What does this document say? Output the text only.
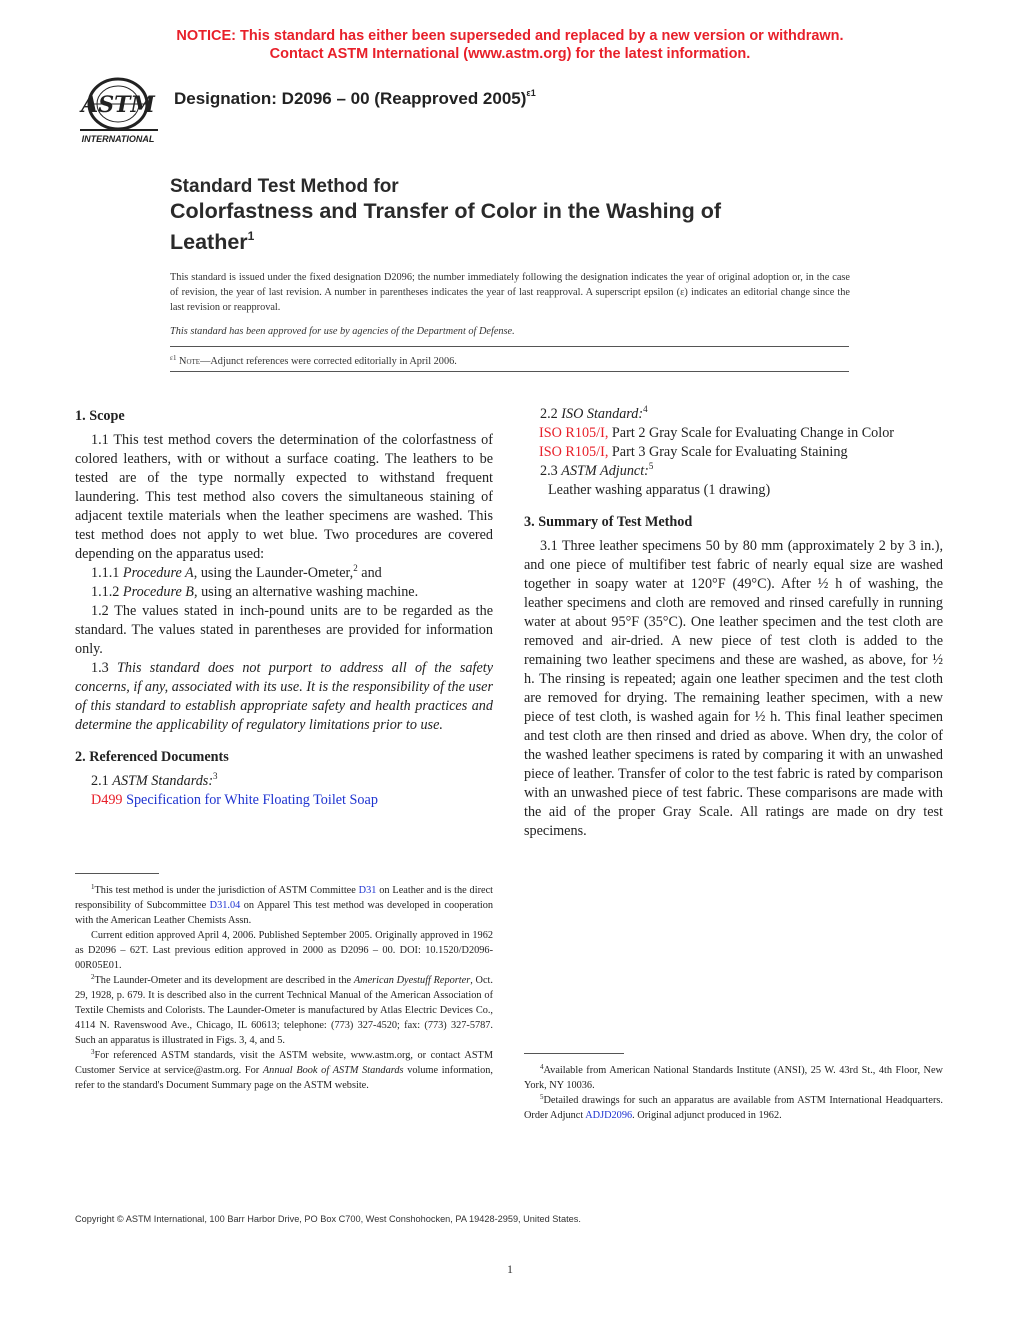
NOTICE: This standard has either been superseded and replaced by a new version or withdrawn.
Contact ASTM International (www.astm.org) for the latest information.
ASTM
INTERNATIONAL
Designation: D2096 – 00 (Reapproved 2005)$^{\varepsilon 1}$
Standard Test Method for
Colorfastness and Transfer of Color in the Washing of
Leather$^1$
This standard is issued under the fixed designation D2096; the number immediately following the designation indicates the year of original adoption or, in the case of revision, the year of last revision. A number in parentheses indicates the year of last reapproval. A superscript epsilon (ε) indicates an editorial change since the last revision or reapproval.
This standard has been approved for use by agencies of the Department of Defense.
$^{\varepsilon 1}$ Note—Adjunct references were corrected editorially in April 2006.
1. Scope

1.1 This test method covers the determination of the colorfastness of colored leathers, with or without a surface coating. The leathers to be tested are of the type normally expected to withstand frequent laundering. This test method also covers the simultaneous staining of adjacent textile materials when the leather specimens are washed. This test method does not apply to wet blue. Two procedures are covered depending on the apparatus used:

1.1.1 Procedure A, using the Launder-Ometer,$^2$ and

1.1.2 Procedure B, using an alternative washing machine.

1.2 The values stated in inch-pound units are to be regarded as the standard. The values stated in parentheses are provided for information only.

1.3 This standard does not purport to address all of the safety concerns, if any, associated with its use. It is the responsibility of the user of this standard to establish appropriate safety and health practices and determine the applicability of regulatory limitations prior to use.

2. Referenced Documents

2.1 ASTM Standards:$^3$

D499 Specification for White Floating Toilet Soap

2.2 ISO Standard:$^4$

ISO R105/I, Part 2 Gray Scale for Evaluating Change in Color

ISO R105/I, Part 3 Gray Scale for Evaluating Staining

2.3 ASTM Adjunct:$^5$

Leather washing apparatus (1 drawing)

3. Summary of Test Method

3.1 Three leather specimens 50 by 80 mm (approximately 2 by 3 in.), and one piece of multifiber test fabric of nearly equal size are washed together in soapy water at 120°F (49°C). After ½ h of washing, the leather specimens and cloth are removed and rinsed carefully in running water at about 95°F (35°C). One leather specimen and the test cloth are removed and air-dried. A new piece of test cloth is added to the remaining two leather specimens and these are washed, as above, for ½ h. The rinsing is repeated; again one leather specimen and the test cloth are removed for drying. The remaining leather specimen, with a new piece of test cloth, is washed again for ½ h. This final leather specimen and test cloth are then rinsed and dried as above. When dry, the color of the washed leather specimens is rated by comparing it with an unwashed piece of leather. Transfer of color to the test fabric is rated by comparison with an unwashed piece of test fabric. These comparisons are made with the aid of the proper Gray Scale. All ratings are made on dry test specimens.

$^1$This test method is under the jurisdiction of ASTM Committee D31 on Leather and is the direct responsibility of Subcommittee D31.04 on Apparel This test method was developed in cooperation with the American Leather Chemists Assn.

Current edition approved April 4, 2006. Published September 2005. Originally approved in 1962 as D2096 – 62T. Last previous edition approved in 2000 as D2096 – 00. DOI: 10.1520/D2096-00R05E01.

$^2$The Launder-Ometer and its development are described in the American Dyestuff Reporter, Oct. 29, 1928, p. 679. It is described also in the current Technical Manual of the American Association of Textile Chemists and Colorists. The Launder-Ometer is manufactured by Atlas Electric Devices Co., 4114 N. Ravenswood Ave., Chicago, IL 60613; telephone: (773) 327-4520; fax: (773) 327-5787. Such an apparatus is illustrated in Figs. 3, 4, and 5.

$^3$For referenced ASTM standards, visit the ASTM website, www.astm.org, or contact ASTM Customer Service at service@astm.org. For Annual Book of ASTM Standards volume information, refer to the standard's Document Summary page on the ASTM website.

$^4$Available from American National Standards Institute (ANSI), 25 W. 43rd St., 4th Floor, New York, NY 10036.

$^5$Detailed drawings for such an apparatus are available from ASTM International Headquarters. Order Adjunct ADJD2096. Original adjunct produced in 1962.

Copyright © ASTM International, 100 Barr Harbor Drive, PO Box C700, West Conshohocken, PA 19428-2959, United States.
1
